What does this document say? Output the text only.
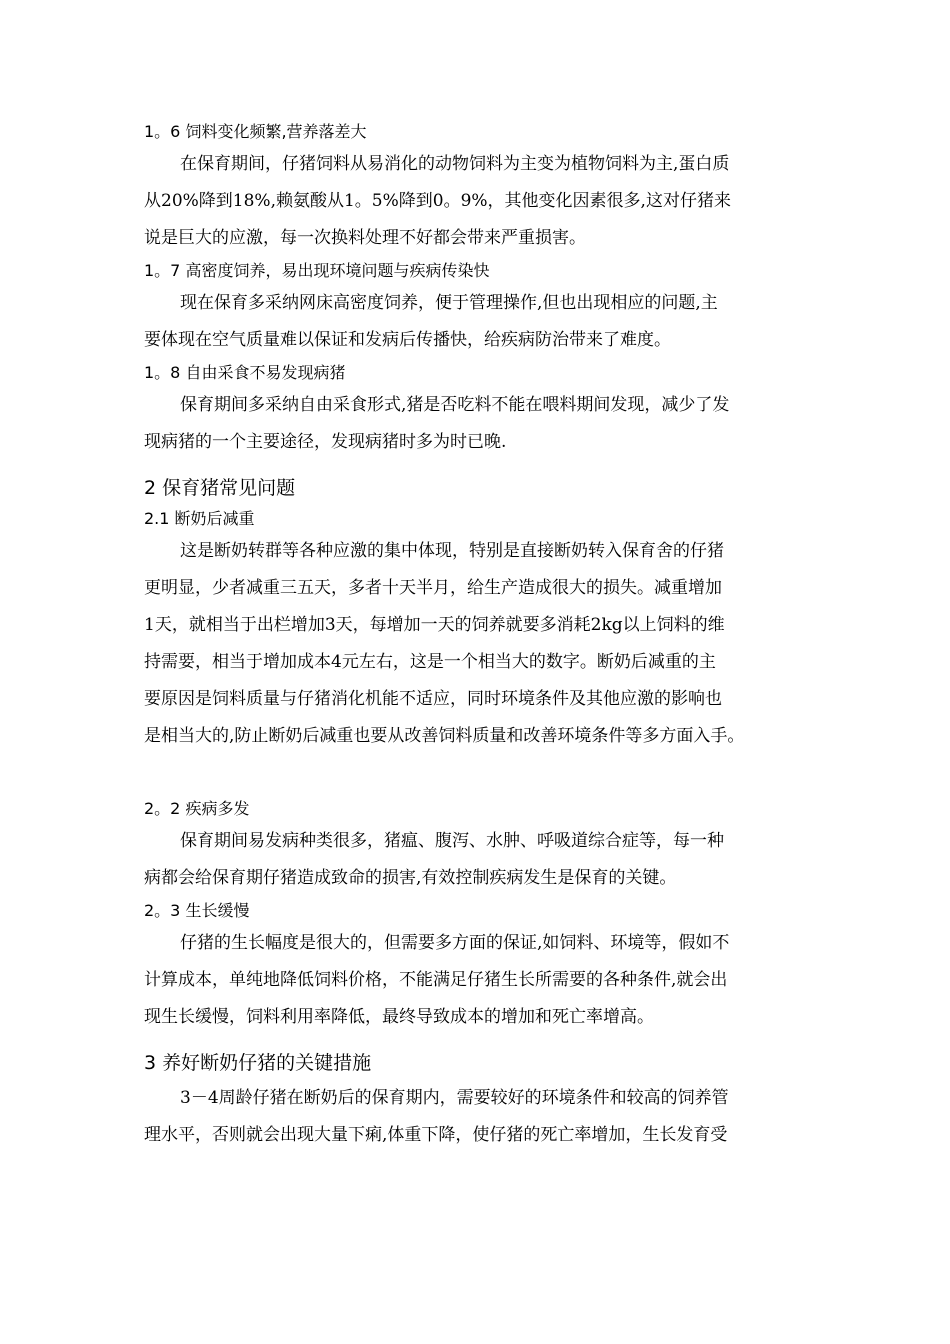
1。6 饲料变化频繁,营养落差大
在保育期间，仔猪饲料从易消化的动物饲料为主变为植物饲料为主,蛋白质
从20%降到18%,赖氨酸从1。5%降到0。9%，其他变化因素很多,这对仔猪来
说是巨大的应激，每一次换料处理不好都会带来严重损害。
1。7 高密度饲养，易出现环境问题与疾病传染快
现在保育多采纳网床高密度饲养，便于管理操作,但也出现相应的问题,主
要体现在空气质量难以保证和发病后传播快，给疾病防治带来了难度。
1。8 自由采食不易发现病猪
保育期间多采纳自由采食形式,猪是否吃料不能在喂料期间发现，减少了发
现病猪的一个主要途径，发现病猪时多为时已晚.
2 保育猪常见问题
2.1 断奶后减重
这是断奶转群等各种应激的集中体现，特别是直接断奶转入保育舍的仔猪
更明显，少者减重三五天，多者十天半月，给生产造成很大的损失。减重增加
1天，就相当于出栏增加3天，每增加一天的饲养就要多消耗2kg以上饲料的维
持需要，相当于增加成本4元左右，这是一个相当大的数字。断奶后减重的主
要原因是饲料质量与仔猪消化机能不适应，同时环境条件及其他应激的影响也
是相当大的,防止断奶后减重也要从改善饲料质量和改善环境条件等多方面入手。
2。2 疾病多发
保育期间易发病种类很多，猪瘟、腹泻、水肿、呼吸道综合症等，每一种
病都会给保育期仔猪造成致命的损害,有效控制疾病发生是保育的关键。
2。3 生长缓慢
仔猪的生长幅度是很大的，但需要多方面的保证,如饲料、环境等，假如不
计算成本，单纯地降低饲料价格，不能满足仔猪生长所需要的各种条件,就会出
现生长缓慢，饲料利用率降低，最终导致成本的增加和死亡率增高。
3 养好断奶仔猪的关键措施
3－4周龄仔猪在断奶后的保育期内，需要较好的环境条件和较高的饲养管
理水平，否则就会出现大量下痢,体重下降，使仔猪的死亡率增加，生长发育受
